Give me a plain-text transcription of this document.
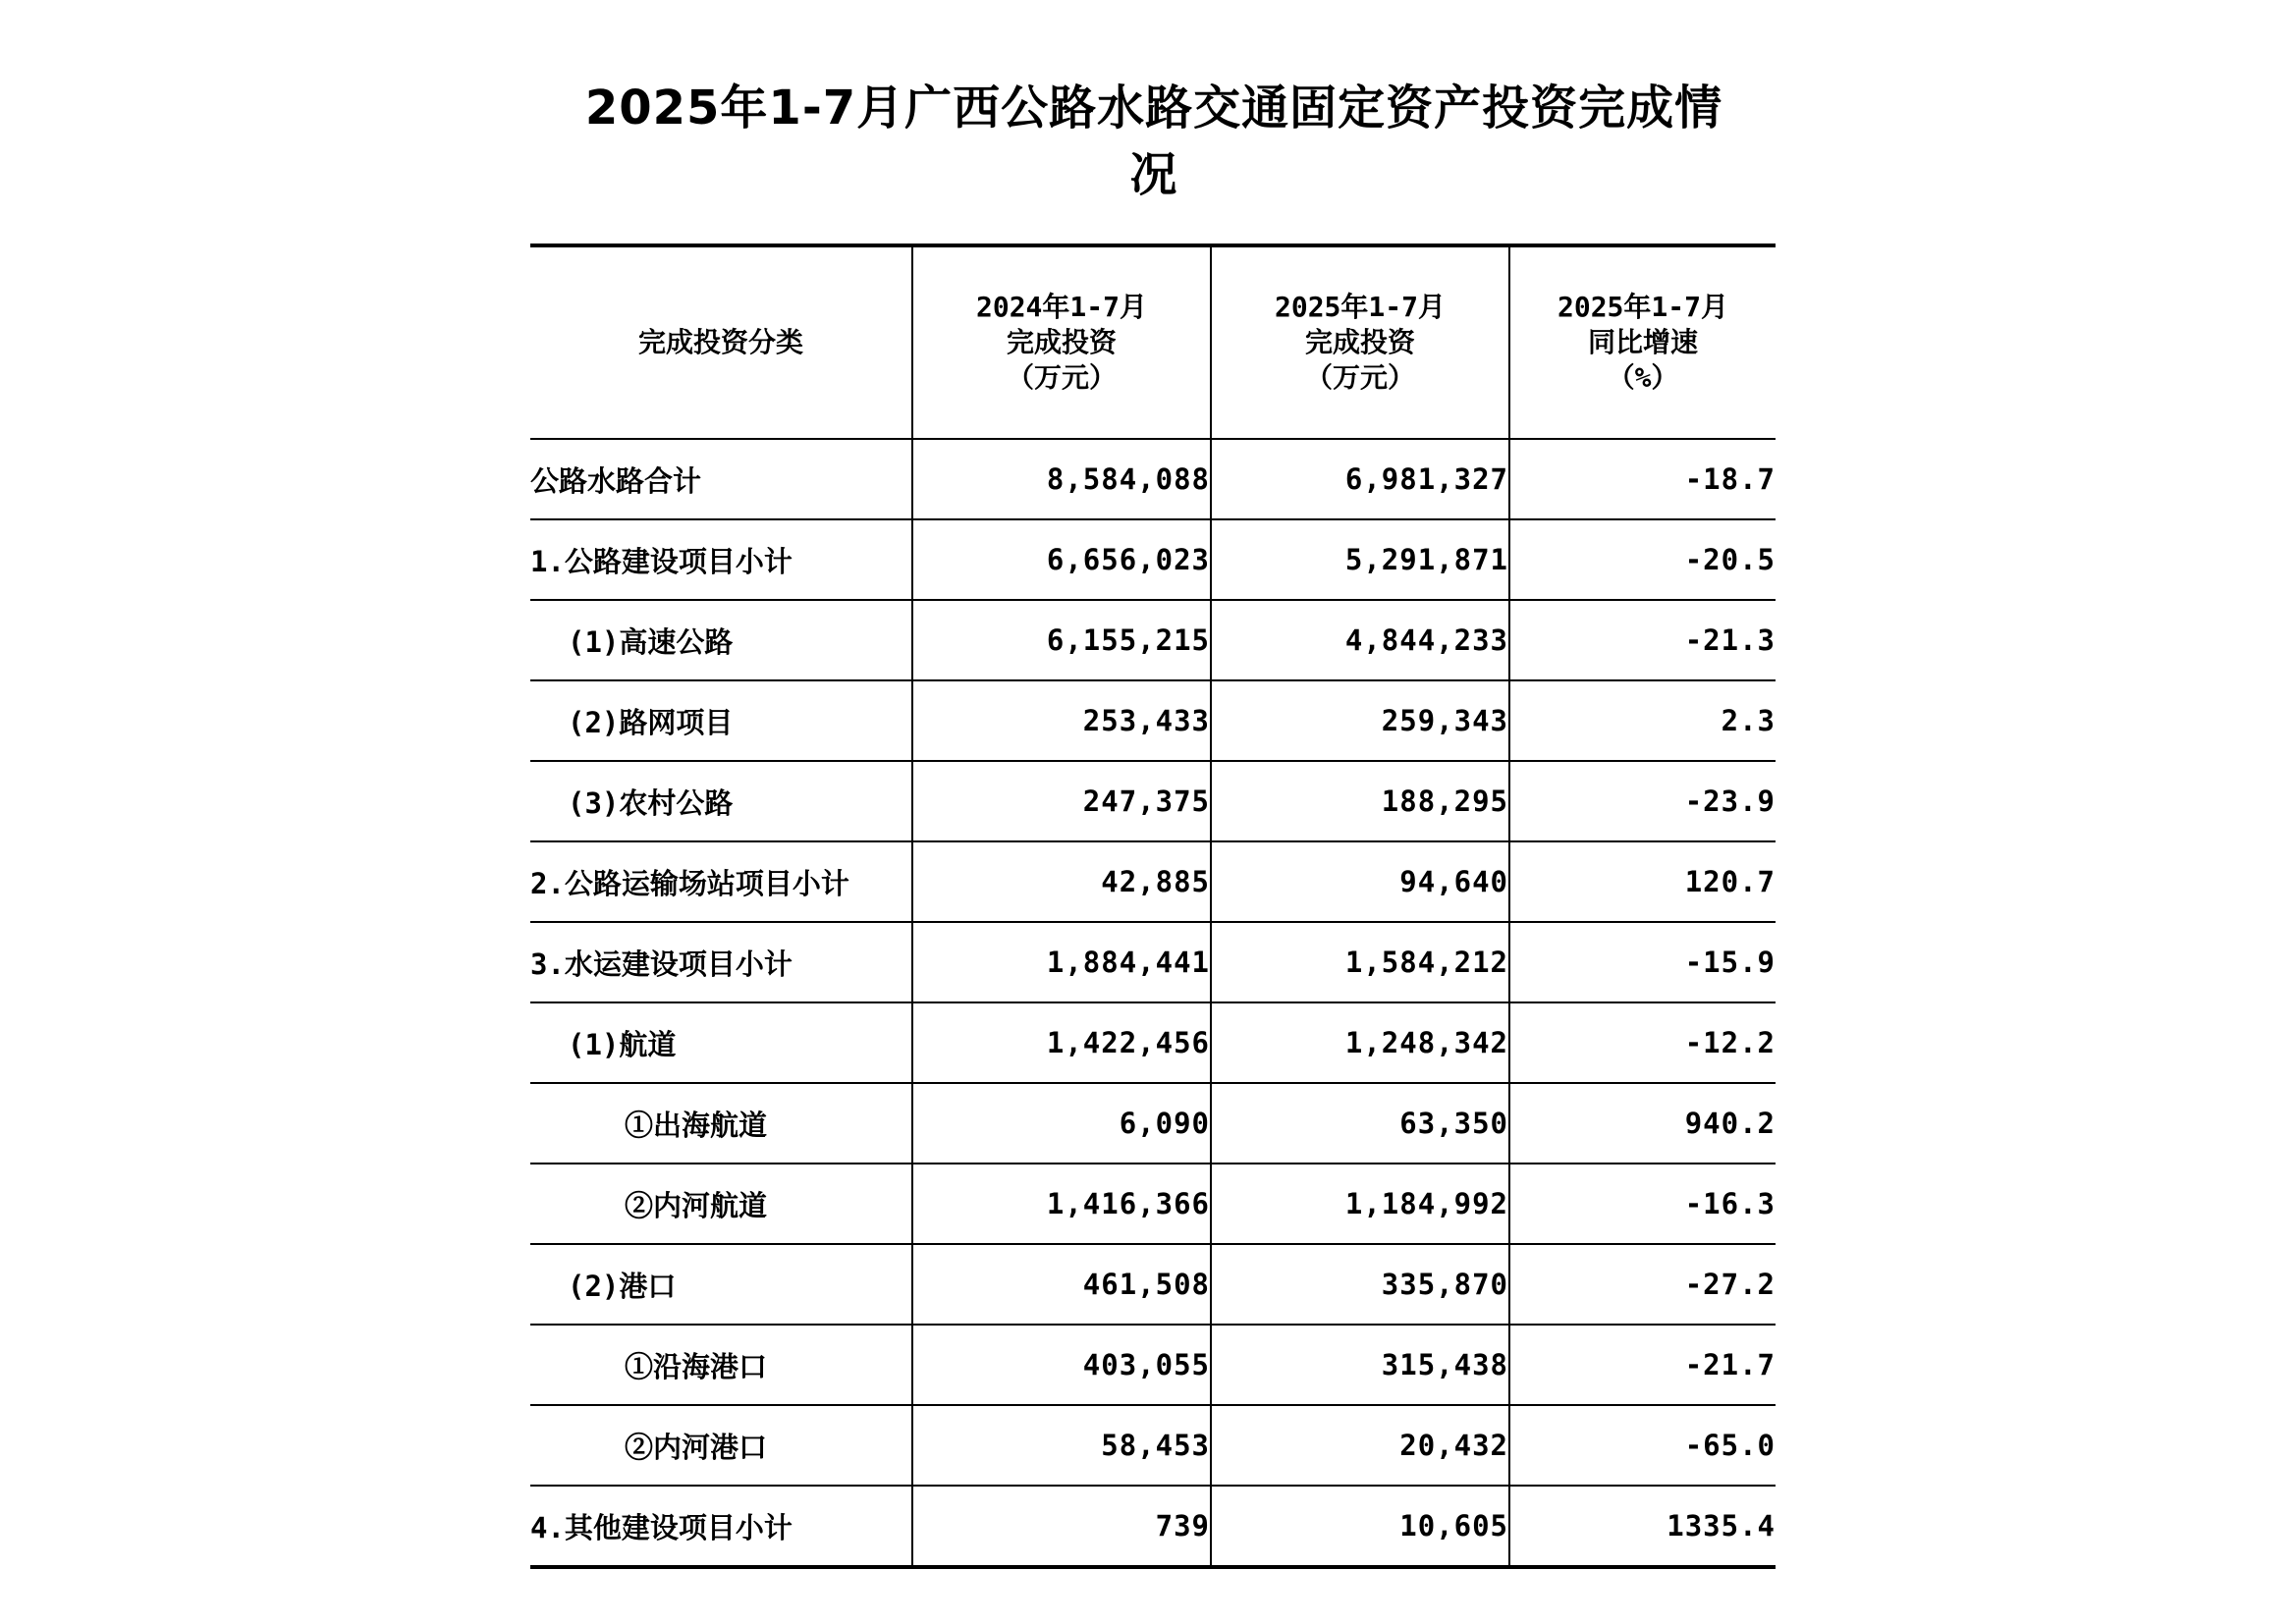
2025年1-7月广西公路水路交通固定资产投资完成情
况
完成投资分类	2024年1-7月
完成投资
（万元）	2025年1-7月
完成投资
（万元）	2025年1-7月
同比增速
（%）

公路水路合计	8,584,088	6,981,327	-18.7
1.公路建设项目小计	6,656,023	5,291,871	-20.5
(1)高速公路	6,155,215	4,844,233	-21.3
(2)路网项目	253,433	259,343	2.3
(3)农村公路	247,375	188,295	-23.9
2.公路运输场站项目小计	42,885	94,640	120.7
3.水运建设项目小计	1,884,441	1,584,212	-15.9
(1)航道	1,422,456	1,248,342	-12.2
①出海航道	6,090	63,350	940.2
②内河航道	1,416,366	1,184,992	-16.3
(2)港口	461,508	335,870	-27.2
①沿海港口	403,055	315,438	-21.7
②内河港口	58,453	20,432	-65.0
4.其他建设项目小计	739	10,605	1335.4
